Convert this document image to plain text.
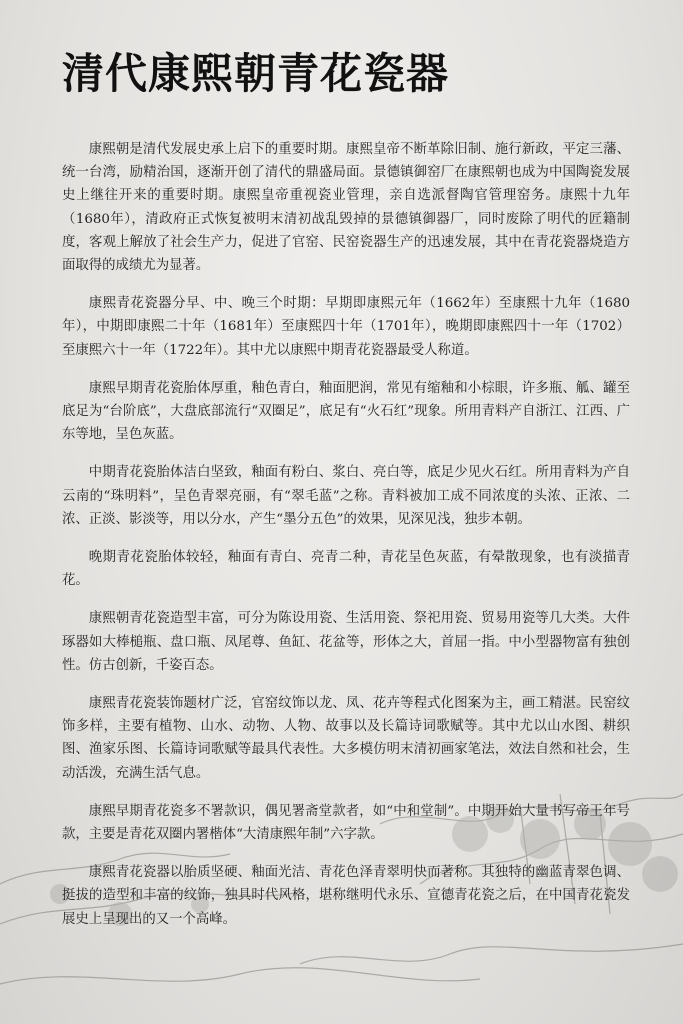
清代康熙朝青花瓷器

康熙朝是清代发展史承上启下的重要时期。康熙皇帝不断革除旧制、施行新政，平定三藩、统一台湾，励精治国，逐渐开创了清代的鼎盛局面。景德镇御窑厂在康熙朝也成为中国陶瓷发展史上继往开来的重要时期。康熙皇帝重视瓷业管理，亲自选派督陶官管理窑务。康熙十九年（1680年），清政府正式恢复被明末清初战乱毁掉的景德镇御器厂，同时废除了明代的匠籍制度，客观上解放了社会生产力，促进了官窑、民窑瓷器生产的迅速发展，其中在青花瓷器烧造方面取得的成绩尤为显著。

康熙青花瓷器分早、中、晚三个时期：早期即康熙元年（1662年）至康熙十九年（1680年），中期即康熙二十年（1681年）至康熙四十年（1701年），晚期即康熙四十一年（1702）至康熙六十一年（1722年）。其中尤以康熙中期青花瓷器最受人称道。

康熙早期青花瓷胎体厚重，釉色青白，釉面肥润，常见有缩釉和小棕眼，许多瓶、觚、罐至底足为“台阶底”，大盘底部流行“双圈足”，底足有“火石红”现象。所用青料产自浙江、江西、广东等地，呈色灰蓝。

中期青花瓷胎体洁白坚致，釉面有粉白、浆白、亮白等，底足少见火石红。所用青料为产自云南的“珠明料”，呈色青翠亮丽，有“翠毛蓝”之称。青料被加工成不同浓度的头浓、正浓、二浓、正淡、影淡等，用以分水，产生“墨分五色”的效果，见深见浅，独步本朝。

晚期青花瓷胎体较轻，釉面有青白、亮青二种，青花呈色灰蓝，有晕散现象，也有淡描青花。

康熙朝青花瓷造型丰富，可分为陈设用瓷、生活用瓷、祭祀用瓷、贸易用瓷等几大类。大件琢器如大棒槌瓶、盘口瓶、凤尾尊、鱼缸、花盆等，形体之大，首屈一指。中小型器物富有独创性。仿古创新，千姿百态。

康熙青花瓷装饰题材广泛，官窑纹饰以龙、凤、花卉等程式化图案为主，画工精湛。民窑纹饰多样，主要有植物、山水、动物、人物、故事以及长篇诗词歌赋等。其中尤以山水图、耕织图、渔家乐图、长篇诗词歌赋等最具代表性。大多模仿明末清初画家笔法，效法自然和社会，生动活泼，充满生活气息。

康熙早期青花瓷多不署款识，偶见署斋堂款者，如“中和堂制”。中期开始大量书写帝王年号款，主要是青花双圈内署楷体“大清康熙年制”六字款。

康熙青花瓷器以胎质坚硬、釉面光洁、青花色泽青翠明快而著称。其独特的幽蓝青翠色调、挺拔的造型和丰富的纹饰，独具时代风格，堪称继明代永乐、宣德青花瓷之后，在中国青花瓷发展史上呈现出的又一个高峰。
